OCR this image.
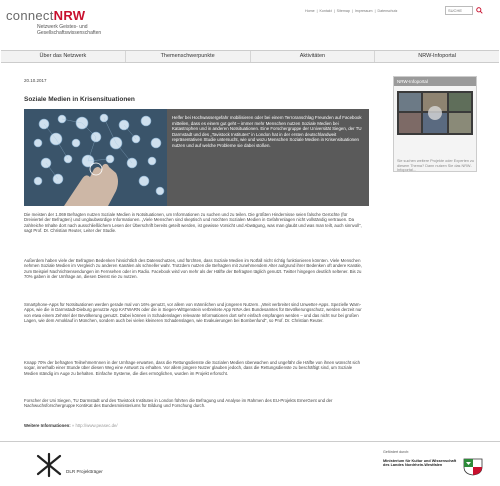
connectNRW
Netzwerk Geistes- und
Gesellschaftswissenschaften
Home | Kontakt | Sitemap | Impressum | Datenschutz	SUCHE
Über das Netzwerk	Themenschwerpunkte	Aktivitäten	NRW-Infoportal
20.10.2017
Soziale Medien in Krisensituationen
Helfer bei Hochwassergefahr mobilisieren oder bei einem Terroranschlag Freunden auf Facebook mitteilen, dass es einem gut geht – immer mehr Menschen nutzen Soziale Medien bei Katastrophen und in anderen Notsituationen. Eine Forschergruppe der Universität Siegen, der TU Darmstadt und des „Tavistock Institutes“ in London hat in der ersten deutschlandweit repräsentativen Studie untersucht, wie und wozu Menschen Soziale Medien in Krisensituationen nutzen und auf welche Probleme sie dabei stoßen.
Die meisten der 1.069 Befragten nutzen Soziale Medien in Notsituationen, um Informationen zu suchen und zu teilen. Die größten Hindernisse seien falsche Gerüchte (für Dreiviertel der Befragten) und unglaubwürdige Informationen. „Viele Menschen sind skeptisch und möchten Sozialen Medien in Gefahrenlagen nicht vollständig vertrauen. Da zahlreiche Inhalte dort nach ausschließlichem Lesen der Überschrift bereits geteilt werden, ist gewisse Vorsicht und Abwägung, was man glaubt und was man teilt, auch sinnvoll“, sagt Prof. Dr. Christian Reuter, Leiter der Studie.
Außerdem haben viele der Befragten Bedenken hinsichtlich des Datenschutzes, und fürchten, dass Soziale Medien im Notfall nicht richtig funktionieren könnten. Viele Menschen nehmen Soziale Medien im Vergleich zu anderen Kanälen als schneller wahr. Trotzdem nutzen die Befragten mit zunehmendem Alter aufgrund ihrer Bedenken oft andere Kanäle, zum Beispiel Nachrichtensendungen im Fernsehen oder im Radio. Facebook wird von mehr als der Hälfte der Befragten täglich genutzt. Twitter hingegen deutlich seltener. Bis zu 70% gaben in der Umfrage an, diesen Dienst nie zu nutzen.
Smartphone-Apps für Notsituationen werden gerade mal von 16% genutzt, vor allem von männlichen und jüngeren Nutzern. „Weit verbreitet sind Unwetter-Apps. Spezielle Warn-Apps, wie die in Darmstadt-Dieburg genutzte App KATWARN oder die in Siegen-Wittgenstein verbreitete App NINA des Bundesamtes für Bevölkerungsschutz, werden derzeit nur von etwa einem Zehntel der Bevölkerung genutzt. Dabei können in Schadenslagen relevante Informationen dort sehr einfach empfangen werden – und das nicht nur bei großen Lagen, wie dem Amoklauf in München, sondern auch bei vielen kleineren Schadenslagen, wie Evakuierungen bei Bombenfund“, so Prof. Dr. Christian Reuter.
Knapp 70% der befragten TeilnehmerInnen in der Umfrage erwarten, dass die Rettungsdienste die Sozialen Medien überwachen und ungefähr die Hälfte von ihnen wünscht sich sogar, innerhalb einer Stunde über diesen Weg eine Antwort zu erhalten. Vor allem jüngere Nutzer glauben jedoch, dass die Rettungsdienste zu beschäftigt sind, um Soziale Medien ständig im Auge zu behalten. Einfache Systeme, die dies ermöglichen, wurden im Projekt erforscht.
Forscher der Uni Siegen, TU Darmstadt und des Tavistock Institutes in London führten die Befragung und Analyse im Rahmen des EU-Projekts EmerGent und der Nachwuchsforschergruppe KontiKat des Bundesministeriums für Bildung und Forschung durch.
Weitere Informationen: » http://www.peasec.de/
NRW-Infoportal
Sie suchen weitere Projekte oder Experten zu diesem Thema? Dann nutzen Sie das NRW-Infoportal...
DLR Projektträger
Gefördert durch:
Ministerium für Kultur und Wissenschaft des Landes Nordrhein-Westfalen
